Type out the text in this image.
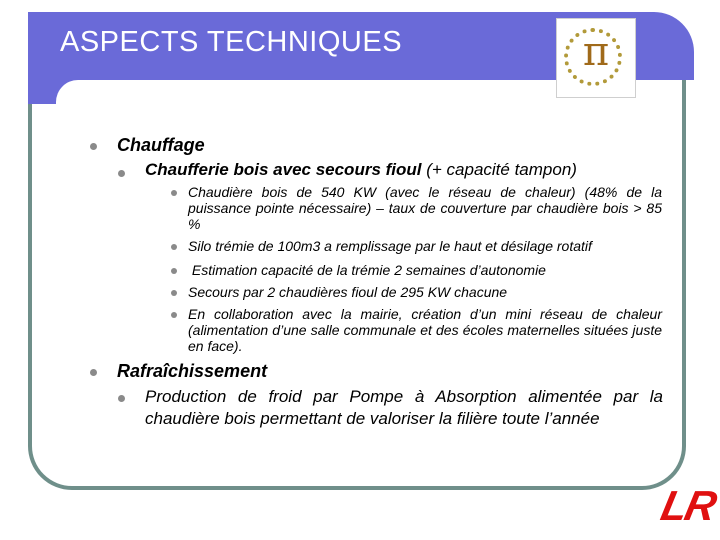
ASPECTS TECHNIQUES	π
Chauffage
Chaufferie bois avec secours fioul (+ capacité tampon)
Chaudière bois de 540 KW (avec le réseau de chaleur) (48% de la puissance pointe nécessaire) – taux de couverture par chaudière bois > 85 %
Silo trémie de 100m3 a remplissage par le haut et désilage rotatif
Estimation capacité de la trémie 2 semaines d’autonomie
Secours par 2 chaudières fioul de 295 KW chacune
En collaboration avec la mairie, création d’un mini réseau de chaleur (alimentation d’une salle communale et des écoles maternelles situées juste en face).
Rafraîchissement
Production de froid par Pompe à Absorption alimentée par la chaudière bois permettant de valoriser la filière toute l’année
LR
